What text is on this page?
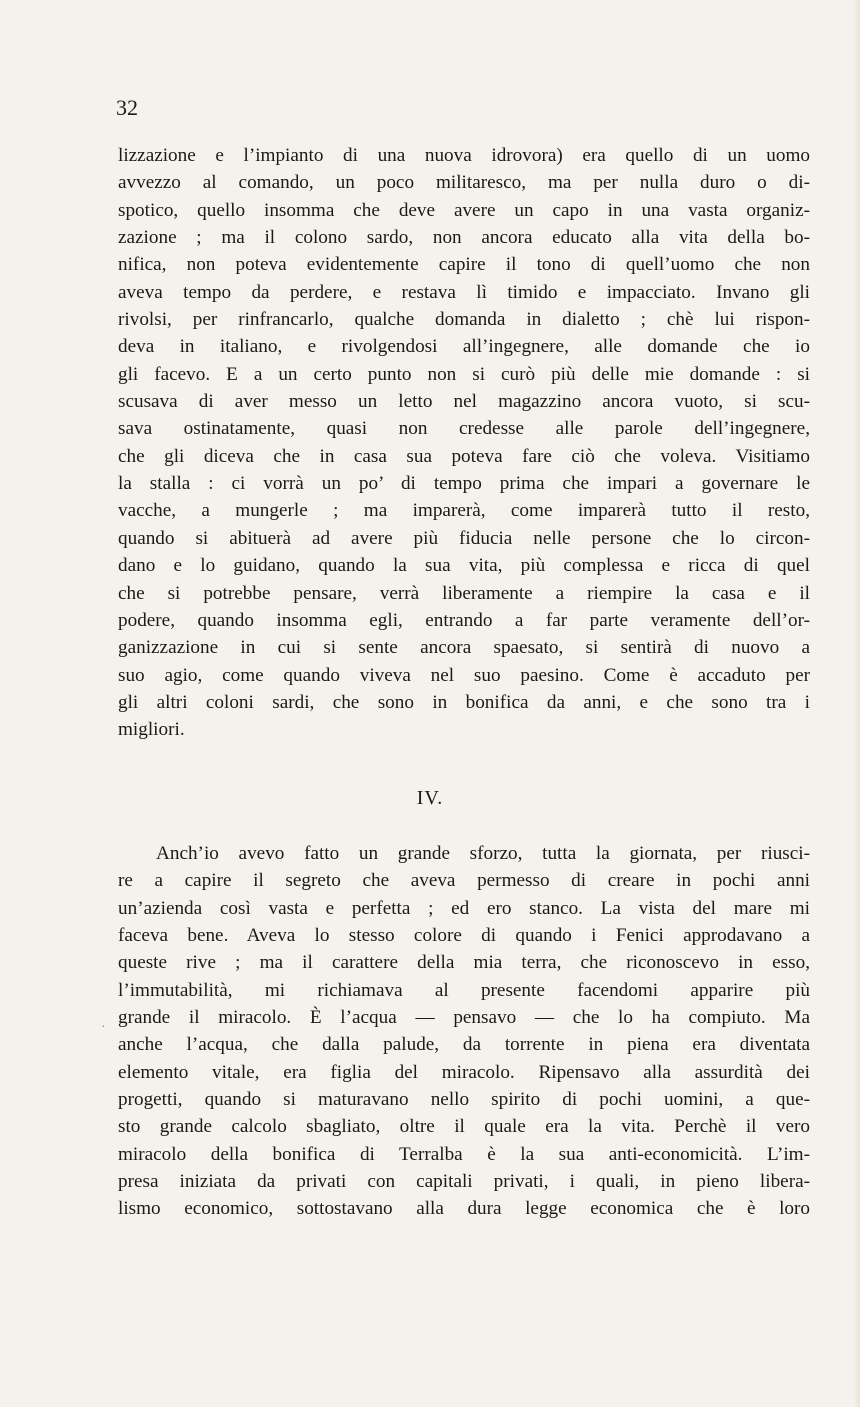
32
lizzazione e l’impianto di una nuova idrovora) era quello di un uomo
avvezzo al comando, un poco militaresco, ma per nulla duro o di-
spotico, quello insomma che deve avere un capo in una vasta organiz-
zazione ; ma il colono sardo, non ancora educato alla vita della bo-
nifica, non poteva evidentemente capire il tono di quell’uomo che non
aveva tempo da perdere, e restava lì timido e impacciato. Invano gli
rivolsi, per rinfrancarlo, qualche domanda in dialetto ; chè lui rispon-
deva in italiano, e rivolgendosi all’ingegnere, alle domande che io
gli facevo. E a un certo punto non si curò più delle mie domande : si
scusava di aver messo un letto nel magazzino ancora vuoto, si scu-
sava ostinatamente, quasi non credesse alle parole dell’ingegnere,
che gli diceva che in casa sua poteva fare ciò che voleva. Visitiamo
la stalla : ci vorrà un po’ di tempo prima che impari a governare le
vacche, a mungerle ; ma imparerà, come imparerà tutto il resto,
quando si abituerà ad avere più fiducia nelle persone che lo circon-
dano e lo guidano, quando la sua vita, più complessa e ricca di quel
che si potrebbe pensare, verrà liberamente a riempire la casa e il
podere, quando insomma egli, entrando a far parte veramente dell’or-
ganizzazione in cui si sente ancora spaesato, si sentirà di nuovo a
suo agio, come quando viveva nel suo paesino. Come è accaduto per
gli altri coloni sardi, che sono in bonifica da anni, e che sono tra i
migliori.
IV.
Anch’io avevo fatto un grande sforzo, tutta la giornata, per riusci-
re a capire il segreto che aveva permesso di creare in pochi anni
un’azienda così vasta e perfetta ; ed ero stanco. La vista del mare mi
faceva bene. Aveva lo stesso colore di quando i Fenici approdavano a
queste rive ; ma il carattere della mia terra, che riconoscevo in esso,
l’immutabilità, mi richiamava al presente facendomi apparire più
grande il miracolo. È l’acqua — pensavo — che lo ha compiuto. Ma
anche l’acqua, che dalla palude, da torrente in piena era diventata
elemento vitale, era figlia del miracolo. Ripensavo alla assurdità dei
progetti, quando si maturavano nello spirito di pochi uomini, a que-
sto grande calcolo sbagliato, oltre il quale era la vita. Perchè il vero
miracolo della bonifica di Terralba è la sua anti-economicità. L’im-
presa iniziata da privati con capitali privati, i quali, in pieno libera-
lismo economico, sottostavano alla dura legge economica che è loro
·
